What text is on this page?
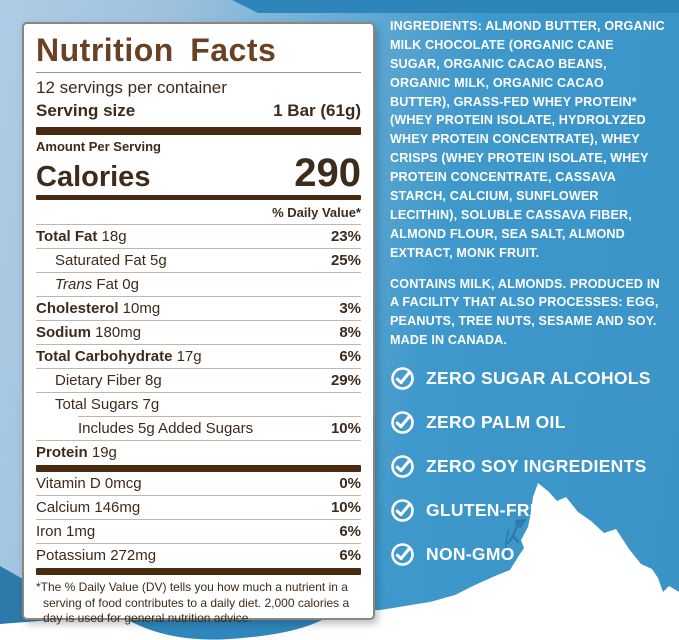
Nutrition Facts
12 servings per container
Serving size	1 Bar (61g)
Amount Per Serving
Calories	290
% Daily Value*
Total Fat 18g	23%
Saturated Fat 5g	25%
Trans Fat 0g
Cholesterol 10mg	3%
Sodium 180mg	8%
Total Carbohydrate 17g	6%
Dietary Fiber 8g	29%
Total Sugars 7g
Includes 5g Added Sugars	10%
Protein 19g
Vitamin D 0mcg	0%
Calcium 146mg	10%
Iron 1mg	6%
Potassium 272mg	6%
*The % Daily Value (DV) tells you how much a nutrient in a serving of food contributes to a daily diet. 2,000 calories a day is used for general nutrition advice.

INGREDIENTS: ALMOND BUTTER, ORGANIC MILK CHOCOLATE (ORGANIC CANE SUGAR, ORGANIC CACAO BEANS, ORGANIC MILK, ORGANIC CACAO BUTTER), GRASS-FED WHEY PROTEIN* (WHEY PROTEIN ISOLATE, HYDROLYZED WHEY PROTEIN CONCENTRATE), WHEY CRISPS (WHEY PROTEIN ISOLATE, WHEY PROTEIN CONCENTRATE, CASSAVA STARCH, CALCIUM, SUNFLOWER LECITHIN), SOLUBLE CASSAVA FIBER, ALMOND FLOUR, SEA SALT, ALMOND EXTRACT, MONK FRUIT.

CONTAINS MILK, ALMONDS. PRODUCED IN A FACILITY THAT ALSO PROCESSES: EGG, PEANUTS, TREE NUTS, SESAME AND SOY.

MADE IN CANADA.

ZERO SUGAR ALCOHOLS
ZERO PALM OIL
ZERO SOY INGREDIENTS
GLUTEN-FREE
NON-GMO
